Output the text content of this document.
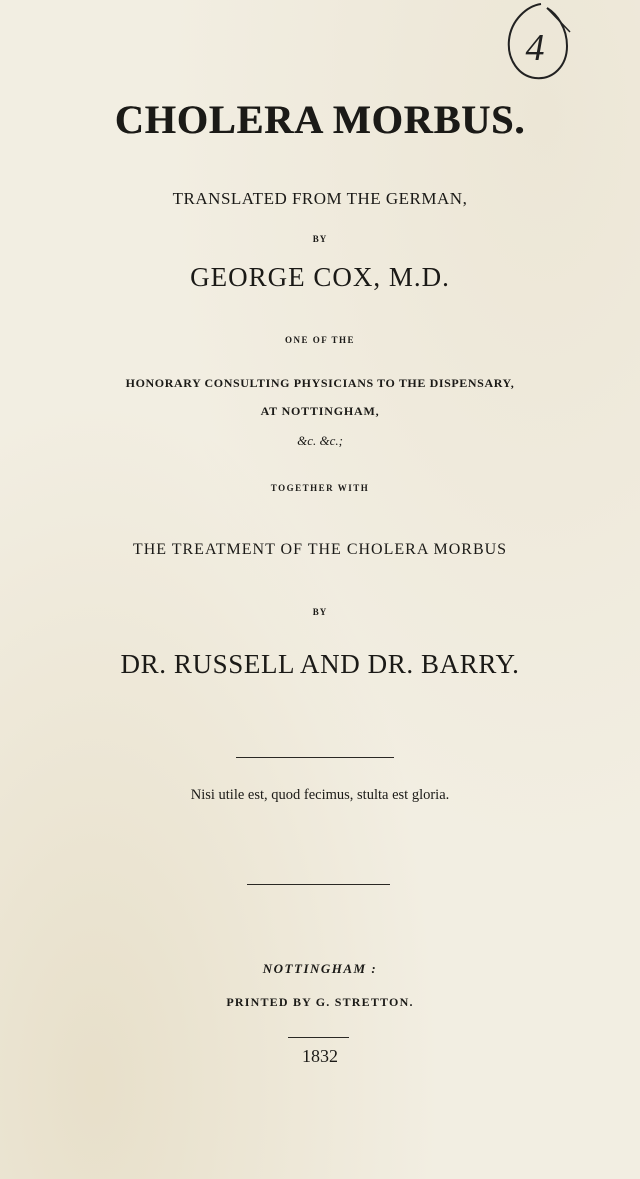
4
CHOLERA MORBUS.
TRANSLATED FROM THE GERMAN,
BY
GEORGE COX, M.D.
ONE OF THE
HONORARY CONSULTING PHYSICIANS TO THE DISPENSARY,
AT NOTTINGHAM,
&c. &c.;
TOGETHER WITH
THE TREATMENT OF THE CHOLERA MORBUS
BY
DR. RUSSELL AND DR. BARRY.
Nisi utile est, quod fecimus, stulta est gloria.
NOTTINGHAM :
PRINTED BY G. STRETTON.
1832
